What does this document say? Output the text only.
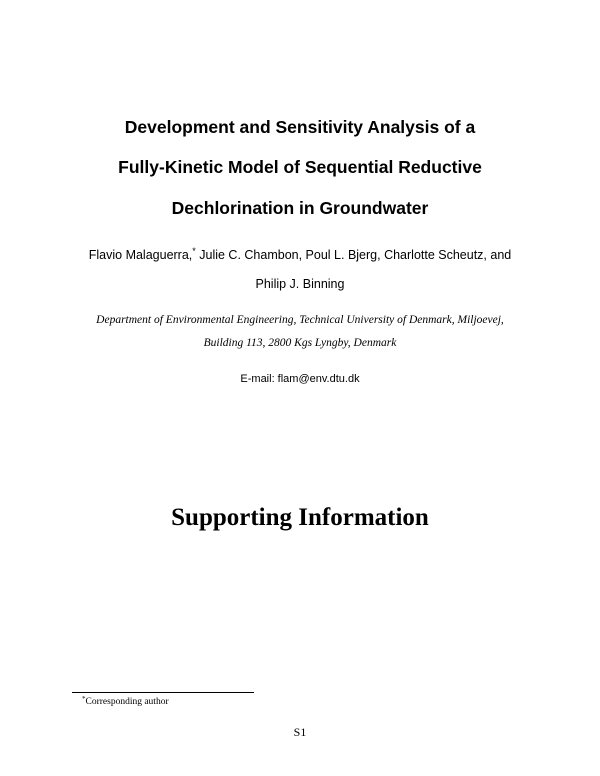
Development and Sensitivity Analysis of a
Fully-Kinetic Model of Sequential Reductive
Dechlorination in Groundwater
Flavio Malaguerra,* Julie C. Chambon, Poul L. Bjerg, Charlotte Scheutz, and
Philip J. Binning
Department of Environmental Engineering, Technical University of Denmark, Miljoevej,
Building 113, 2800 Kgs Lyngby, Denmark
E-mail: flam@env.dtu.dk
Supporting Information
*Corresponding author
S1
